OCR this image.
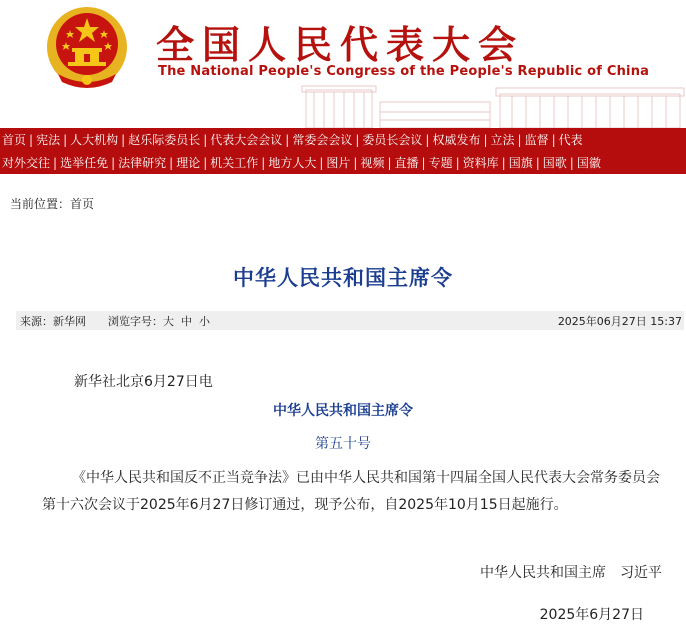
全国人民代表大会
The National People's Congress of the People's Republic of China
首页 | 宪法 | 人大机构 | 赵乐际委员长 | 代表大会会议 | 常委会会议 | 委员长会议 | 权威发布 | 立法 | 监督 | 代表
对外交往 | 选举任免 | 法律研究 | 理论 | 机关工作 | 地方人大 | 图片 | 视频 | 直播 | 专题 | 资料库 | 国旗 | 国歌 | 国徽
当前位置：首页
中华人民共和国主席令
来源：新华网 浏览字号：大 中 小	2025年06月27日 15:37
新华社北京6月27日电
中华人民共和国主席令
第五十号
《中华人民共和国反不正当竞争法》已由中华人民共和国第十四届全国人民代表大会常务委员会第十六次会议于2025年6月27日修订通过，现予公布，自2025年10月15日起施行。
中华人民共和国主席　习近平
2025年6月27日
